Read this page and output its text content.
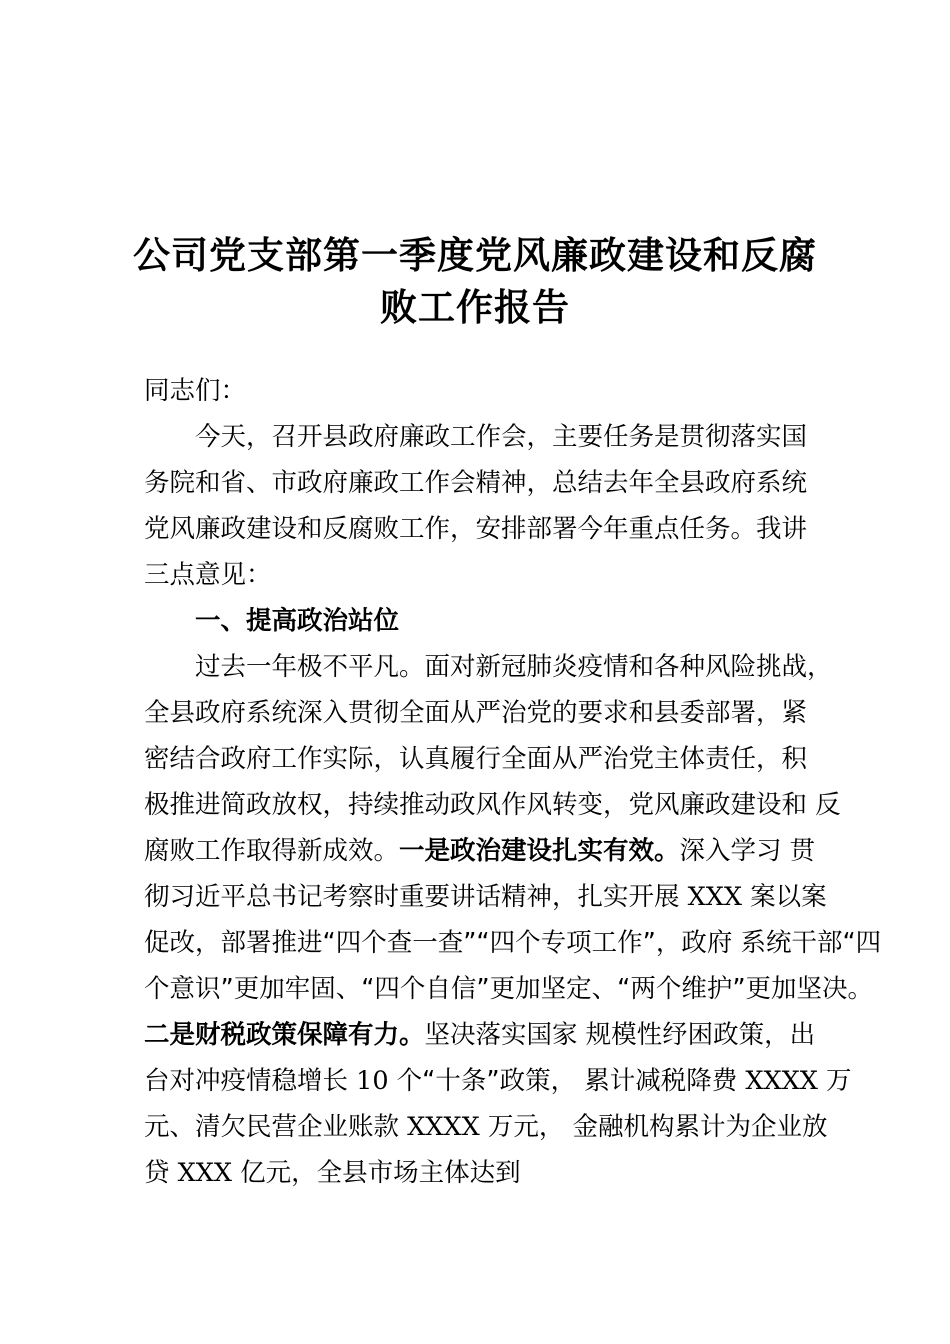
公司党支部第一季度党风廉政建设和反腐
败工作报告
同志们：
今天，召开县政府廉政工作会，主要任务是贯彻落实国
务院和省、市政府廉政工作会精神，总结去年全县政府系统
党风廉政建设和反腐败工作，安排部署今年重点任务。我讲
三点意见：
一、提高政治站位
过去一年极不平凡。面对新冠肺炎疫情和各种风险挑战，
全县政府系统深入贯彻全面从严治党的要求和县委部署，紧
密结合政府工作实际，认真履行全面从严治党主体责任，积
极推进简政放权，持续推动政风作风转变，党风廉政建设和 反
腐败工作取得新成效。一是政治建设扎实有效。深入学习 贯
彻习近平总书记考察时重要讲话精神，扎实开展 XXX 案以案
促改，部署推进“四个查一查”“四个专项工作”，政府 系统干部“四
个意识”更加牢固、“四个自信”更加坚定、“两个维护”更加坚决。
二是财税政策保障有力。坚决落实国家 规模性纾困政策，出
台对冲疫情稳增长 10 个“十条”政策， 累计减税降费 XXXX 万
元、清欠民营企业账款 XXXX 万元， 金融机构累计为企业放
贷 XXX 亿元，全县市场主体达到
